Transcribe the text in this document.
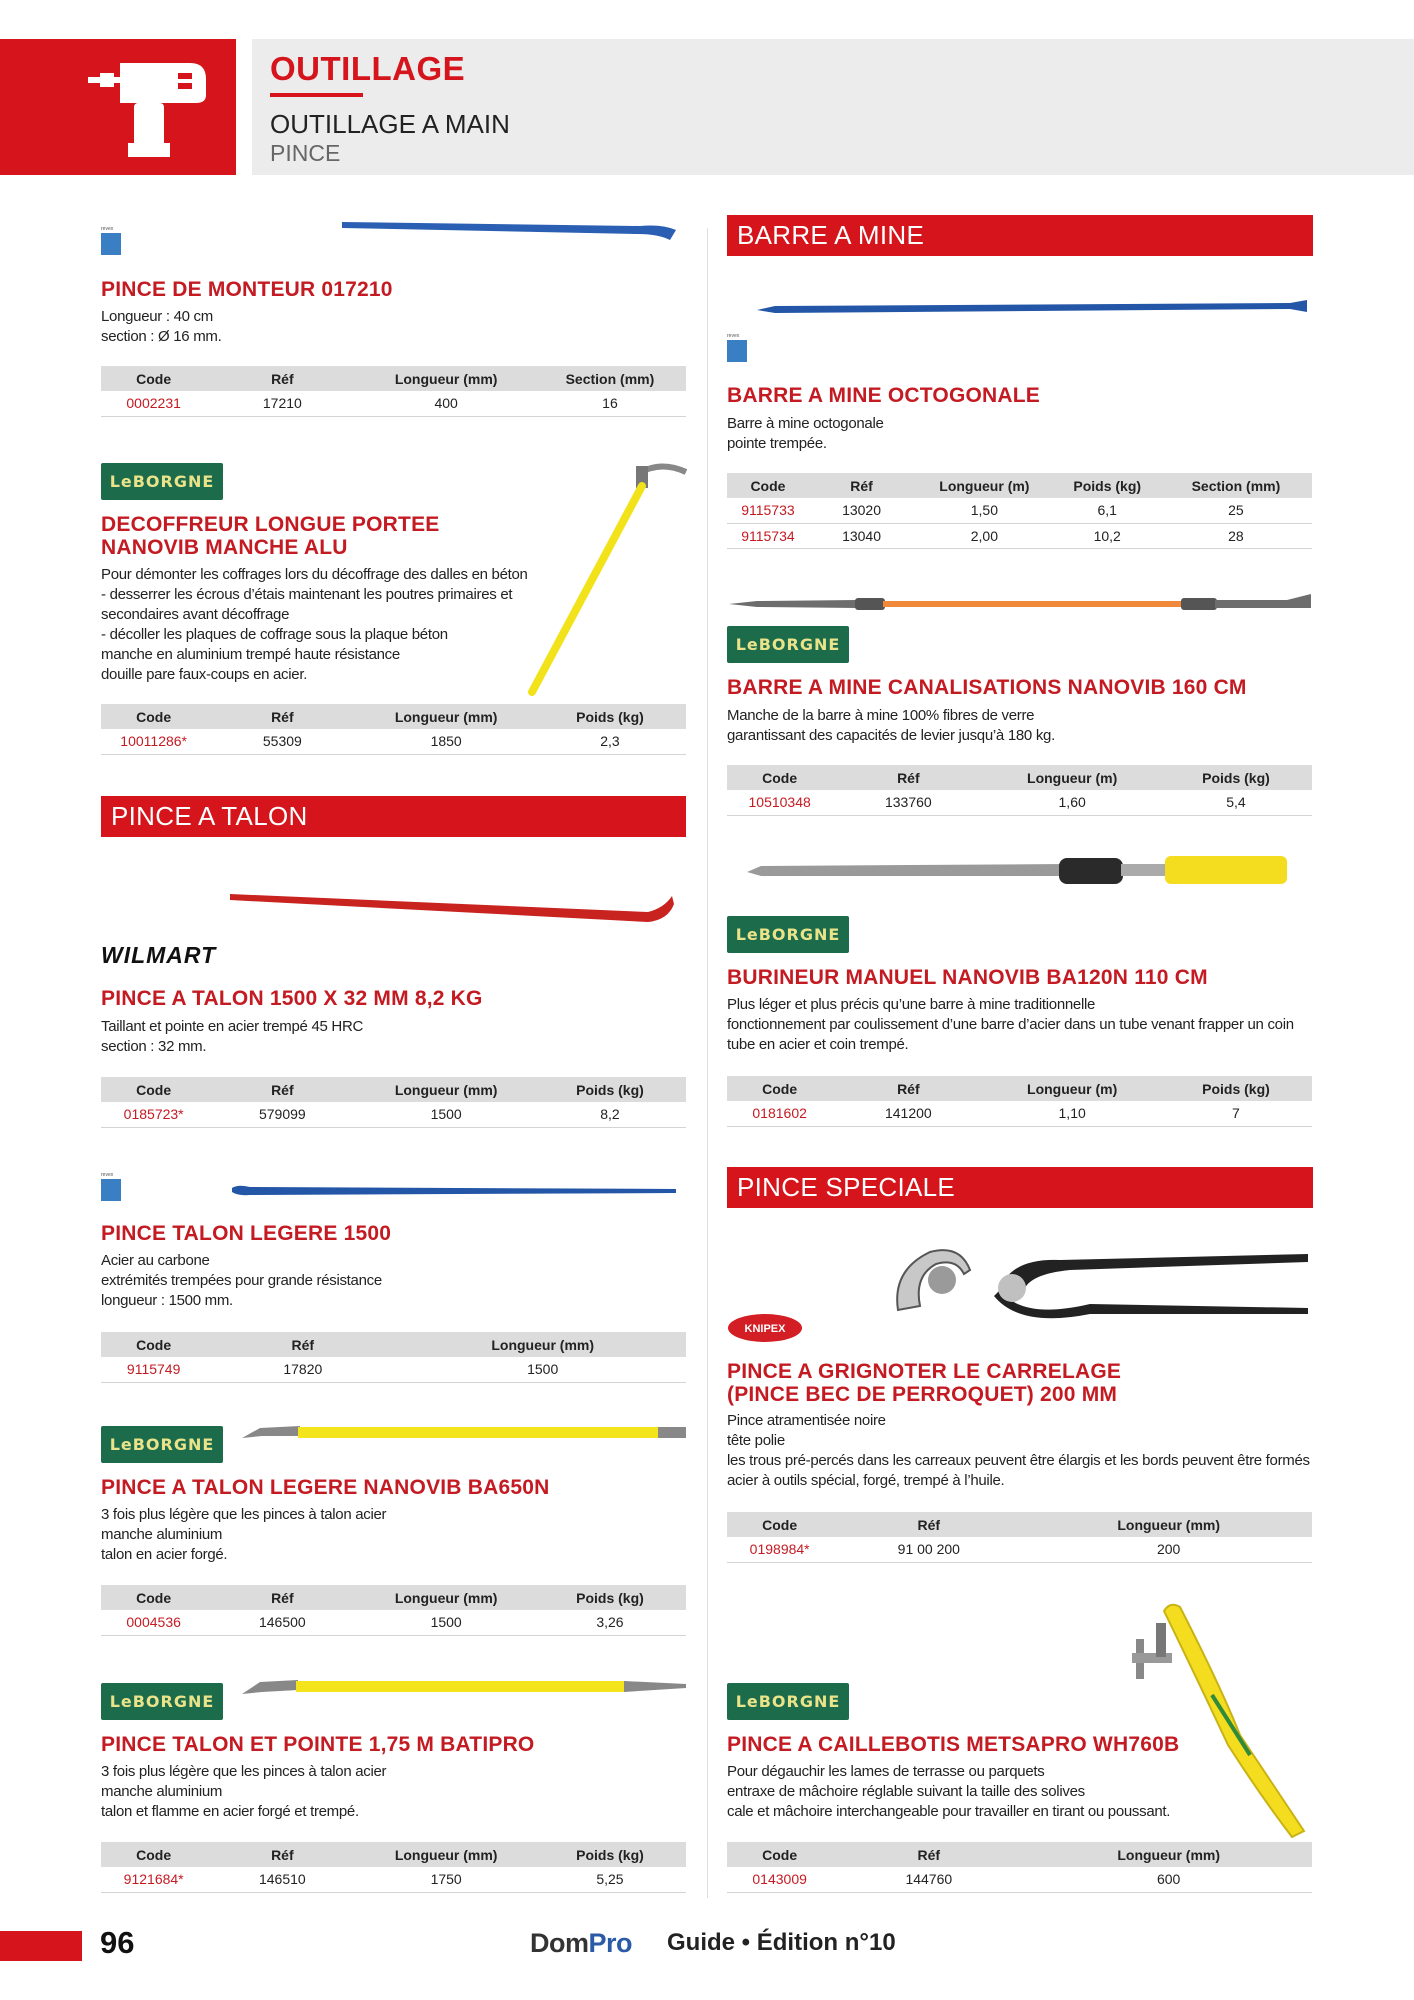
OUTILLAGE
OUTILLAGE A MAIN
PINCE
revex
PINCE DE MONTEUR 017210
Longueur : 40 cm
section : Ø 16 mm.
Code	Réf	Longueur (mm)	Section (mm)
0002231	17210	400	16
LeBORGNE
DECOFFREUR LONGUE PORTEE
NANOVIB MANCHE ALU
Pour démonter les coffrages lors du décoffrage des dalles en béton
- desserrer les écrous d’étais maintenant les poutres primaires et
secondaires avant décoffrage
- décoller les plaques de coffrage sous la plaque béton
manche en aluminium trempé haute résistance
douille pare faux-coups en acier.
Code	Réf	Longueur (mm)	Poids (kg)
10011286*	55309	1850	2,3
PINCE A TALON
WILMART
PINCE A TALON 1500 X 32 MM 8,2 KG
Taillant et pointe en acier trempé 45 HRC
section : 32 mm.
Code	Réf	Longueur (mm)	Poids (kg)
0185723*	579099	1500	8,2
revex
PINCE TALON LEGERE 1500
Acier au carbone
extrémités trempées pour grande résistance
longueur : 1500 mm.
Code	Réf	Longueur (mm)
9115749	17820	1500
LeBORGNE
PINCE A TALON LEGERE NANOVIB BA650N
3 fois plus légère que les pinces à talon acier
manche aluminium
talon en acier forgé.
Code	Réf	Longueur (mm)	Poids (kg)
0004536	146500	1500	3,26
LeBORGNE
PINCE TALON ET POINTE 1,75 M BATIPRO
3 fois plus légère que les pinces à talon acier
manche aluminium
talon et flamme en acier forgé et trempé.
Code	Réf	Longueur (mm)	Poids (kg)
9121684*	146510	1750	5,25
BARRE A MINE
revex
BARRE A MINE OCTOGONALE
Barre à mine octogonale
pointe trempée.
Code	Réf	Longueur (m)	Poids (kg)	Section (mm)
9115733	13020	1,50	6,1	25
9115734	13040	2,00	10,2	28
LeBORGNE
BARRE A MINE CANALISATIONS NANOVIB 160 CM
Manche de la barre à mine 100% fibres de verre
garantissant des capacités de levier jusqu’à 180 kg.
Code	Réf	Longueur (m)	Poids (kg)
10510348	133760	1,60	5,4
LeBORGNE
BURINEUR MANUEL NANOVIB BA120N 110 CM
Plus léger et plus précis qu’une barre à mine traditionnelle
fonctionnement par coulissement d’une barre d’acier dans un tube venant frapper un coin
tube en acier et coin trempé.
Code	Réf	Longueur (m)	Poids (kg)
0181602	141200	1,10	7
PINCE SPECIALE
KNIPEX
PINCE A GRIGNOTER LE CARRELAGE
(PINCE BEC DE PERROQUET) 200 MM
Pince atramentisée noire
tête polie
les trous pré-percés dans les carreaux peuvent être élargis et les bords peuvent être formés
acier à outils spécial, forgé, trempé à l’huile.
Code	Réf	Longueur (mm)
0198984*	91 00 200	200
LeBORGNE
PINCE A CAILLEBOTIS METSAPRO WH760B
Pour dégauchir les lames de terrasse ou parquets
entraxe de mâchoire réglable suivant la taille des solives
cale et mâchoire interchangeable pour travailler en tirant ou poussant.
Code	Réf	Longueur (mm)
0143009	144760	600
96	DomPro Guide • Édition n°10
